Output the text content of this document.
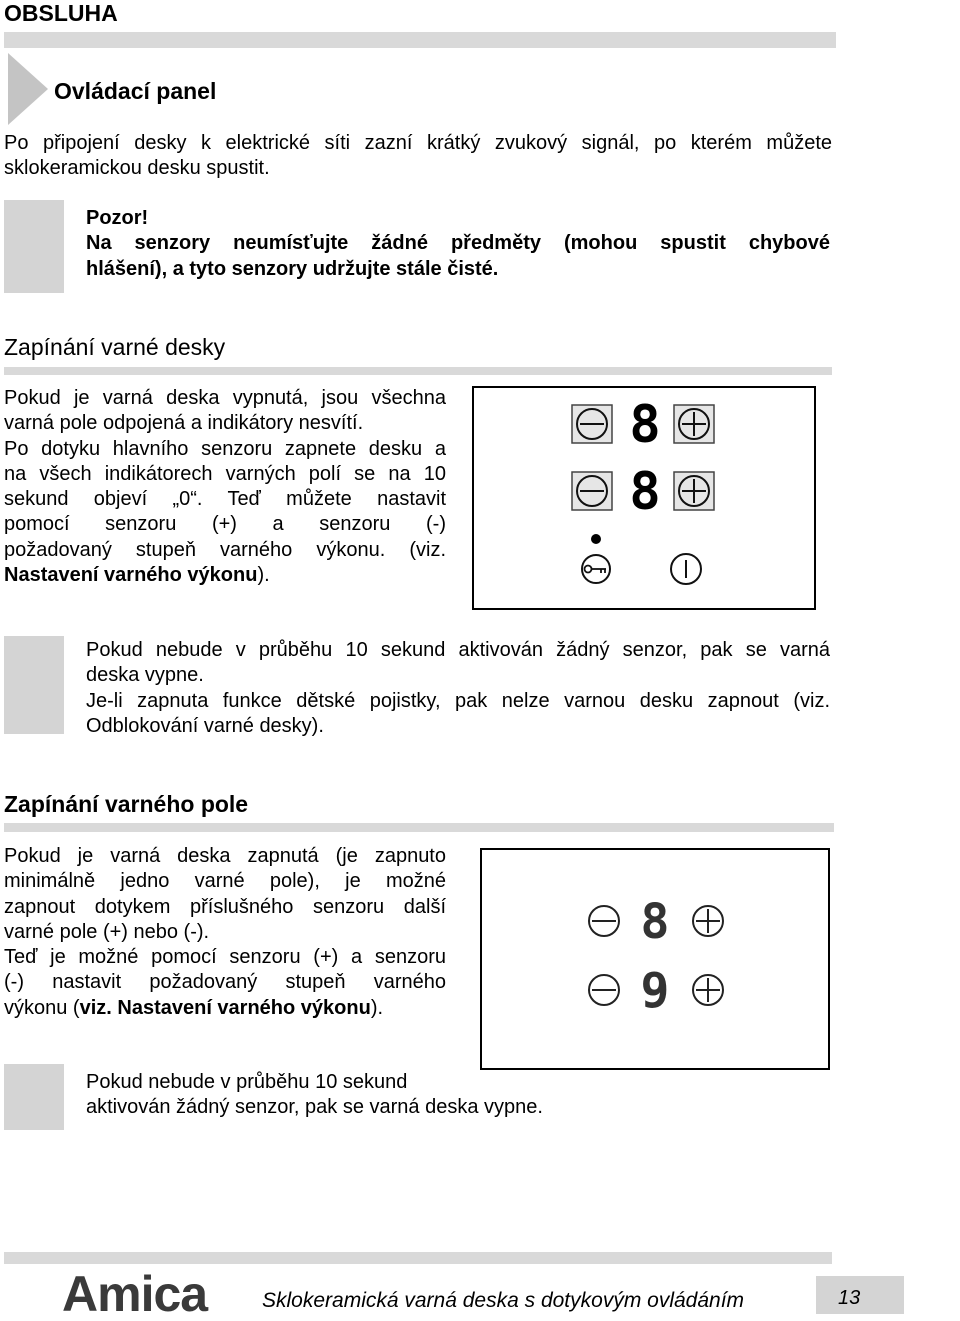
OBSLUHA
Ovládací panel
Po připojení desky k elektrické síti zazní krátký zvukový signál, po kterém můžete
sklokeramickou desku spustit.
Pozor!
Na senzory neumísťujte žádné předměty (mohou spustit chybové
hlášení), a tyto senzory udržujte stále čisté.
Zapínání varné desky
Pokud je varná deska vypnutá, jsou všechna
varná pole odpojená a indikátory nesvítí.
Po dotyku hlavního senzoru zapnete desku a
na všech indikátorech varných polí se na 10
sekund objeví „0“. Teď můžete nastavit
pomocí senzoru (+) a senzoru (-)
požadovaný stupeň varného výkonu. (viz.
Nastavení varného výkonu).
8
8
Pokud nebude v průběhu 10 sekund aktivován žádný senzor, pak se varná
deska vypne.
Je-li zapnuta funkce dětské pojistky, pak nelze varnou desku zapnout (viz.
Odblokování varné desky).
Zapínání varného pole
Pokud je varná deska zapnutá (je zapnuto
minimálně jedno varné pole), je možné
zapnout dotykem příslušného senzoru další
varné pole (+) nebo (-).
Teď je možné pomocí senzoru (+) a senzoru
(-) nastavit požadovaný stupeň varného
výkonu (viz. Nastavení varného výkonu).
8
9
Pokud nebude v průběhu 10 sekund
aktivován žádný senzor, pak se varná deska vypne.
Amica	Sklokeramická varná deska s dotykovým ovládáním	13
